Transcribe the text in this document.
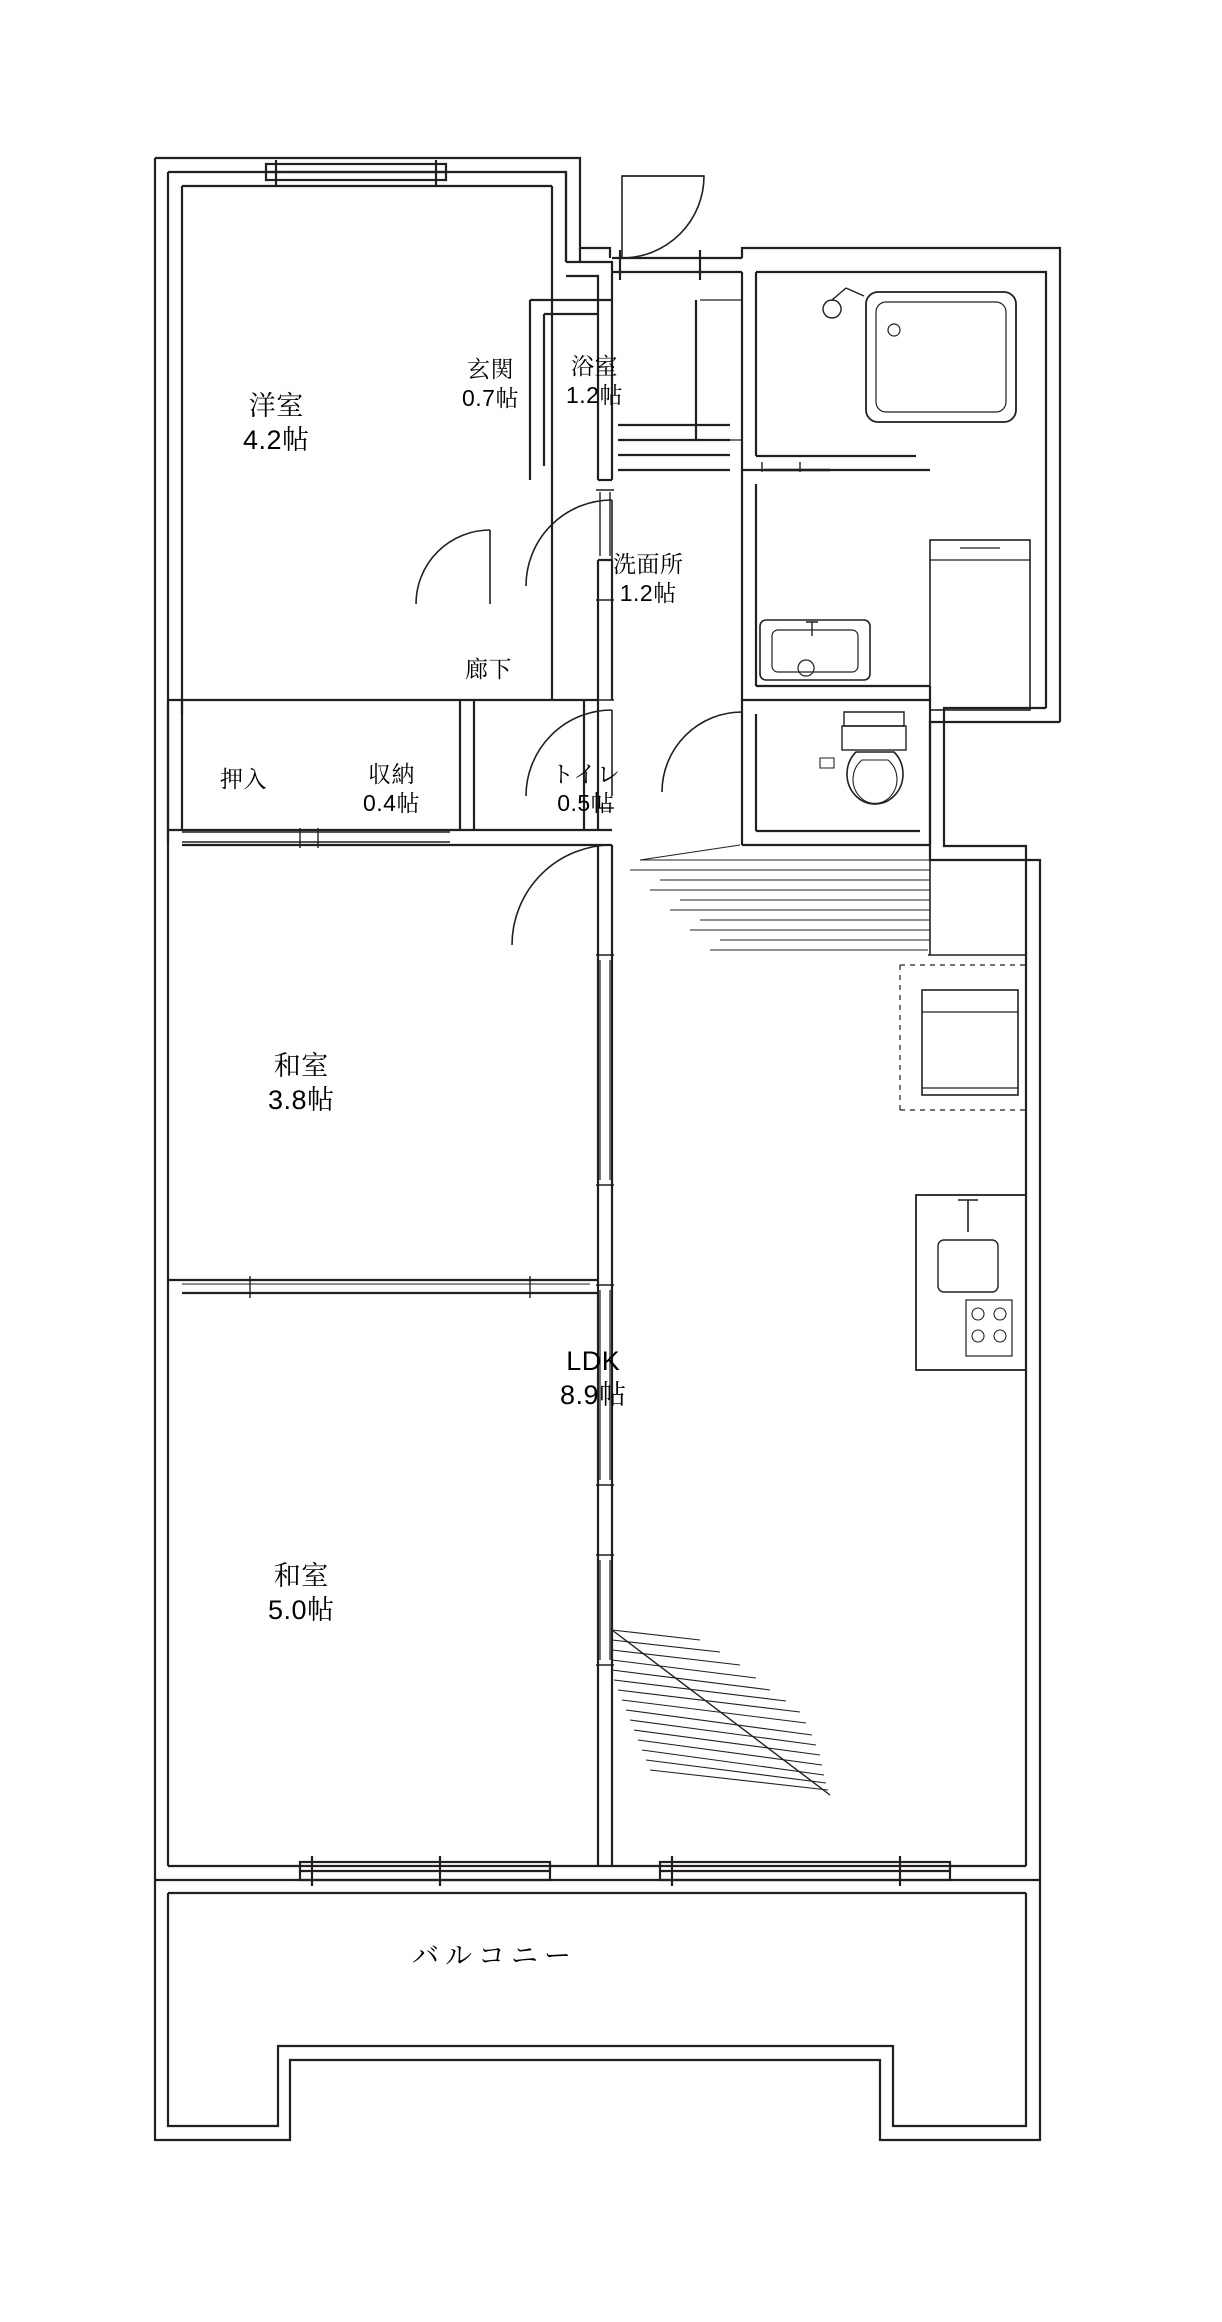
洋室
4.2帖
玄関
0.7帖
浴室
1.2帖
洗面所
1.2帖
廊下
押入	収納
0.4帖
トイレ
0.5帖
和室
3.8帖
LDK
8.9帖
和室
5.0帖
バルコニー
